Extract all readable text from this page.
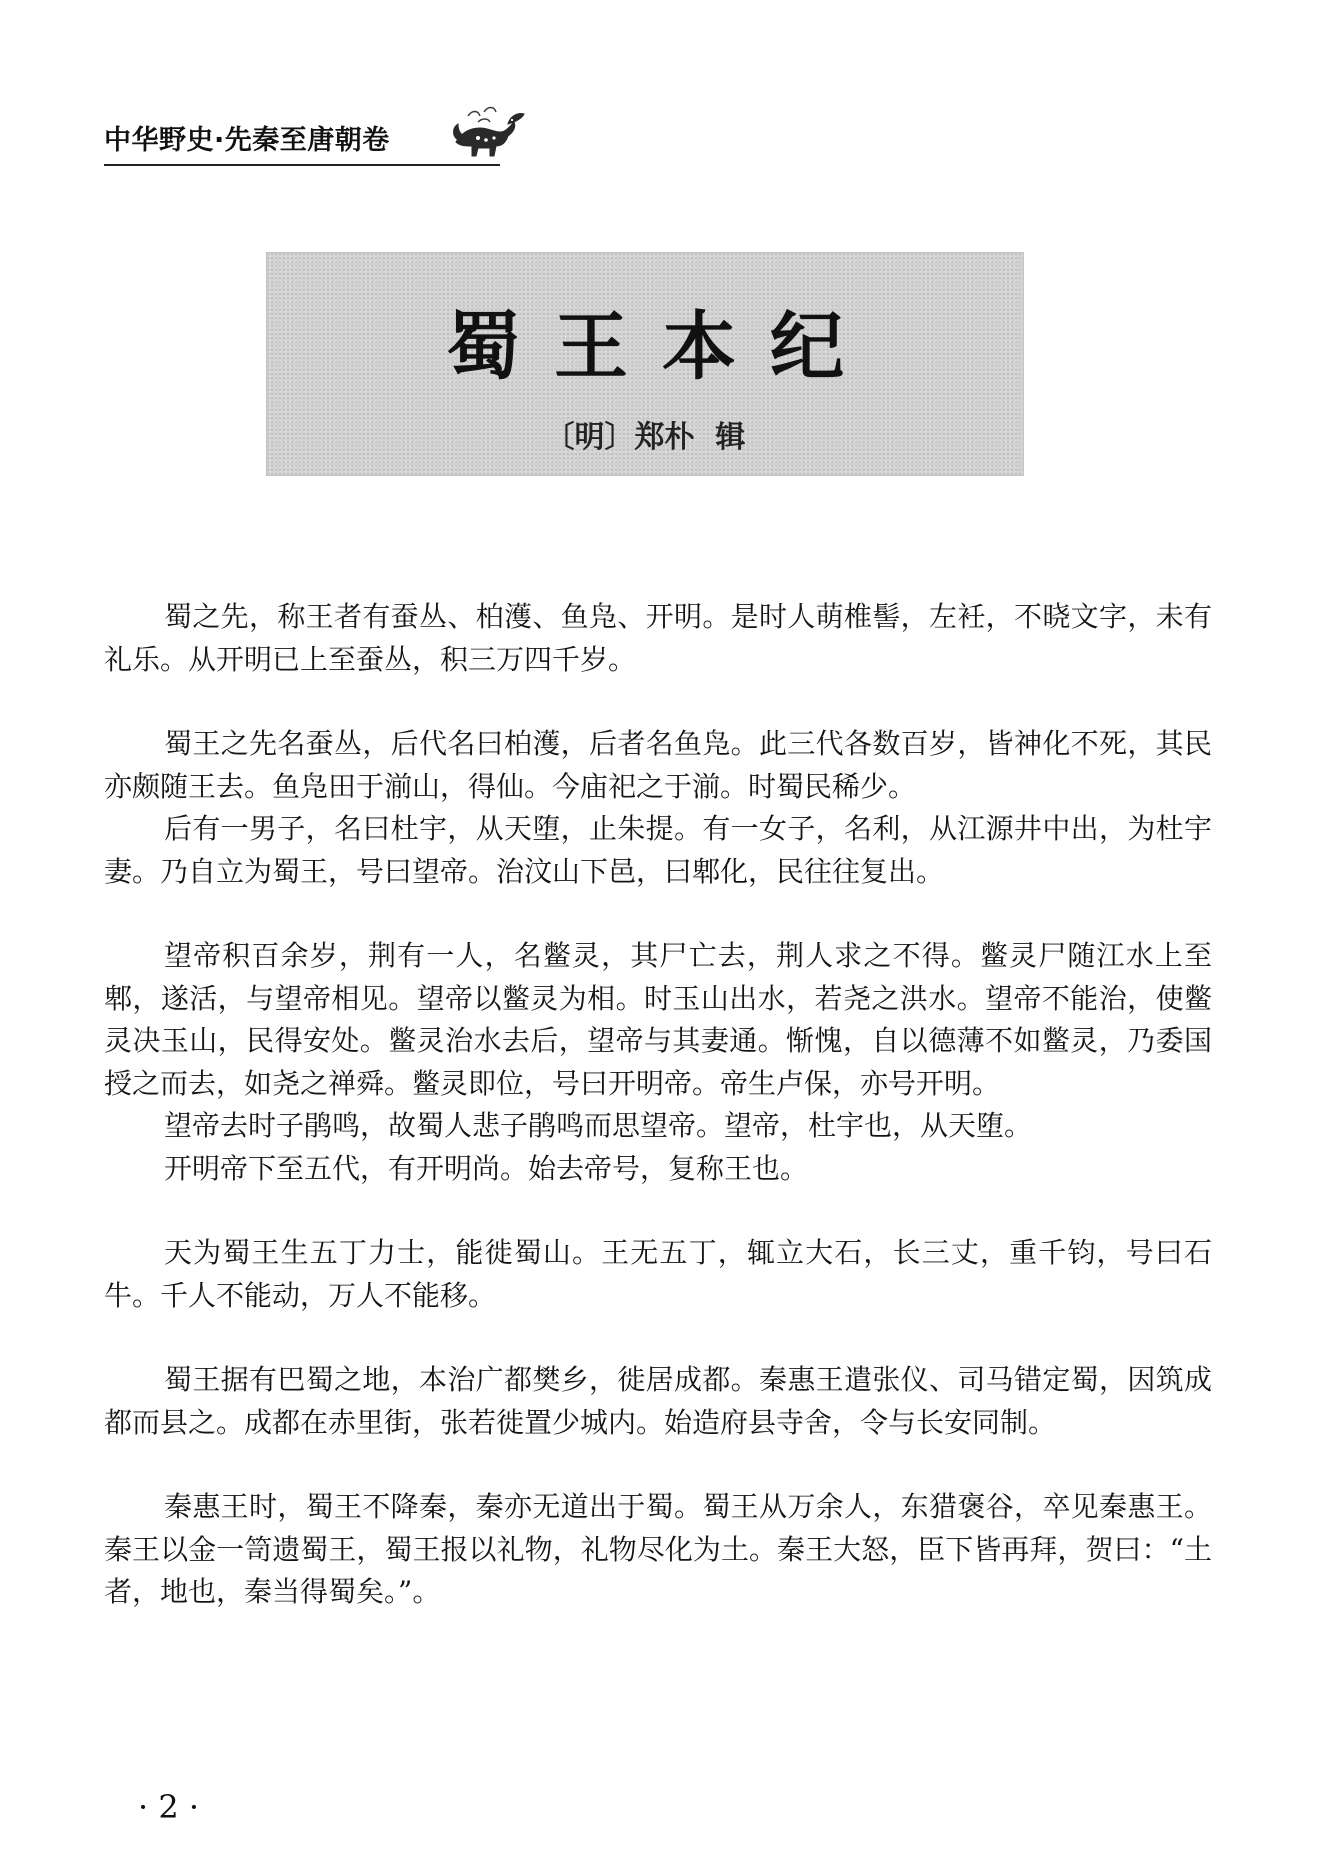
中华野史·先秦至唐朝卷
蜀王本纪
〔明〕郑朴  辑

蜀之先，称王者有蚕丛、柏濩、鱼凫、开明。是时人萌椎髻，左衽，不晓文字，未有礼乐。从开明已上至蚕丛，积三万四千岁。

蜀王之先名蚕丛，后代名曰柏濩，后者名鱼凫。此三代各数百岁，皆神化不死，其民亦颇随王去。鱼凫田于湔山，得仙。今庙祀之于湔。时蜀民稀少。

后有一男子，名曰杜宇，从天堕，止朱提。有一女子，名利，从江源井中出，为杜宇妻。乃自立为蜀王，号曰望帝。治汶山下邑，曰郫化，民往往复出。

望帝积百余岁，荆有一人，名鳖灵，其尸亡去，荆人求之不得。鳖灵尸随江水上至郫，遂活，与望帝相见。望帝以鳖灵为相。时玉山出水，若尧之洪水。望帝不能治，使鳖灵决玉山，民得安处。鳖灵治水去后，望帝与其妻通。惭愧，自以德薄不如鳖灵，乃委国授之而去，如尧之禅舜。鳖灵即位，号曰开明帝。帝生卢保，亦号开明。

望帝去时子鹃鸣，故蜀人悲子鹃鸣而思望帝。望帝，杜宇也，从天堕。

开明帝下至五代，有开明尚。始去帝号，复称王也。

天为蜀王生五丁力士，能徙蜀山。王无五丁，辄立大石，长三丈，重千钧，号曰石牛。千人不能动，万人不能移。

蜀王据有巴蜀之地，本治广都樊乡，徙居成都。秦惠王遣张仪、司马错定蜀，因筑成都而县之。成都在赤里街，张若徙置少城内。始造府县寺舍，令与长安同制。

秦惠王时，蜀王不降秦，秦亦无道出于蜀。蜀王从万余人，东猎褒谷，卒见秦惠王。秦王以金一笥遗蜀王，蜀王报以礼物，礼物尽化为土。秦王大怒，臣下皆再拜，贺曰：“土者，地也，秦当得蜀矣。”。

· 2 ·
